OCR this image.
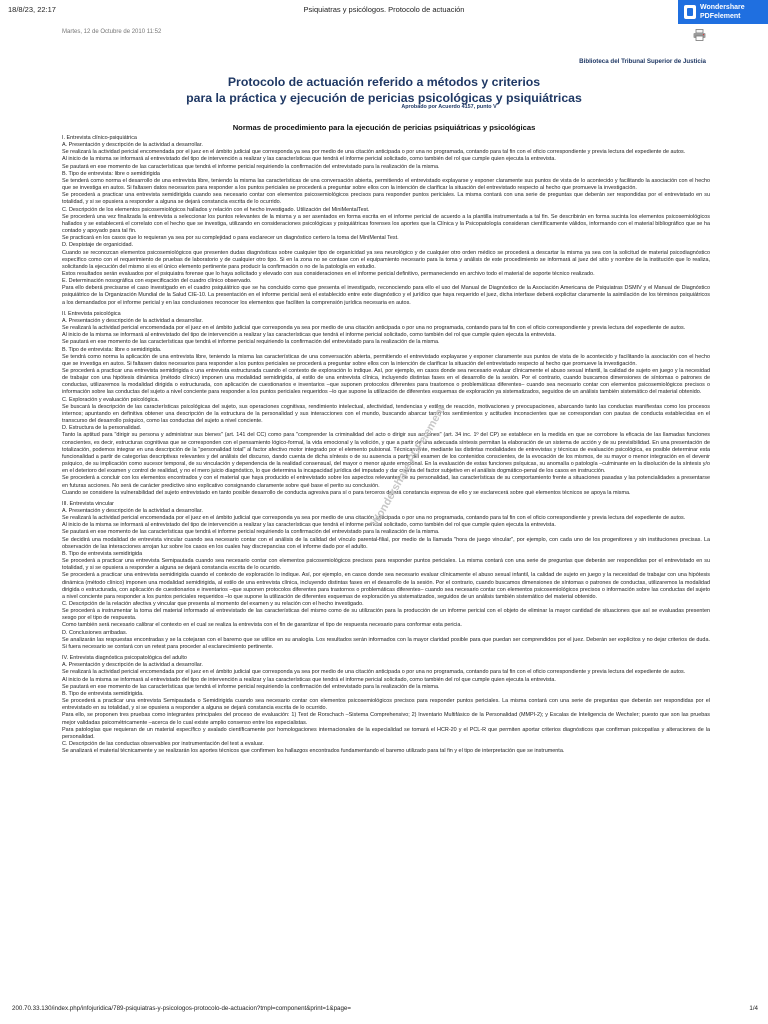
18/8/23, 22:17	Psiquiatras y psicólogos. Protocolo de actuación	Wondershare
PDFelement
Martes, 12 de Octubre de 2010 11:52
Biblioteca del Tribunal Superior de Justicia
Protocolo de actuación referido a métodos y criterios
para la práctica y ejecución de pericias psicológicas y psiquiátricas
Aprobado por Acuerdo 4157, punto V
Normas de procedimiento para la ejecución de pericias psiquiátricas y psicológicas

I. Entrevista clínico-psiquiátrica

A. Presentación y descripción de la actividad a desarrollar.

Se realizará la actividad pericial encomendada por el juez en el ámbito judicial que corresponda ya sea por medio de una citación anticipada o por una no programada, contando para tal fin con el oficio correspondiente y previa lectura del expediente de autos.

Al inicio de la misma se informará al entrevistado del tipo de intervención a realizar y las características que tendrá el informe pericial solicitado, como también del rol que cumple quien ejecuta la entrevista.

Se pautará en ese momento de las características que tendrá el informe pericial requiriendo la confirmación del entrevistado para la realización de la misma.

B. Tipo de entrevista: libre o semidirigida

Se tenderá como norma el desarrollo de una entrevista libre, teniendo la misma las características de una conversación abierta, permitiendo el entrevistado explayarse y exponer claramente sus puntos de vista de lo acontecido y facilitando la asociación con el hecho que se investiga en autos. Si faltasen datos necesarios para responder a los puntos periciales se procederá a preguntar sobre ellos con la intención de clarificar la situación del entrevistado respecto al hecho que promueve la investigación.

Se procederá a practicar una entrevista semidirigida cuando sea necesario contar con elementos psicosemiológicos precisos para responder puntos periciales. La misma contará con una serie de preguntas que deberán ser respondidas por el entrevistado en su totalidad, y si se opusiera a responder a alguna se dejará constancia escrita de lo ocurrido.

C. Descripción de los elementos psicosemiológicos hallados y relación con el hecho investigado. Utilización del MiniMentalTest.

Se procederá una vez finalizada la entrevista a seleccionar los puntos relevantes de la misma y a ser asentados en forma escrita en el informe pericial de acuerdo a la plantilla instrumentada a tal fin. Se describirán en forma sucinta los elementos psicosemiológicos hallados y se establecerá el correlato con el hecho que se investiga, utilizando en consideraciones psicológicas y psiquiátricas forenses los aportes que la Clínica y la Psicopatología consideran científicamente válidos, informando con el material bibliográfico que se ha contado y apoyado para tal fin.

Se practicará en los casos que lo requieran ya sea por su complejidad o para esclarecer un diagnóstico certero la toma del MiniMental Test.

D. Despistaje de organicidad.

Cuando se reconozcan elementos psicosemiológicos que presenten dudas diagnósticas sobre cualquier tipo de organicidad ya sea neurológico y de cualquier otro orden médico se procederá a descartar la misma ya sea con la solicitud de material psicodiagnóstico específico como con el requerimiento de pruebas de laboratorio y de cualquier otro tipo. Si en la zona no se contase con el equipamiento necesario para la toma y análisis de este procedimiento se informará al juez del sitio y nombre de la institución que lo realiza, solicitando la ejecución del mismo si es el único elemento pertinente para producir la confirmación o no de la patología en estudio.

Estos resultados serán evaluados por el psiquiatra forense que lo haya solicitado y elevado con sus consideraciones en el informe pericial definitivo, permaneciendo en archivo todo el material de soporte técnico realizado.

E. Determinación nosográfica con especificación del cuadro clínico observado.

Para ello deberá precisarse el caso investigado en el cuadro psiquiátrico que se ha concluido como que presenta el investigado, reconociendo para ello el uso del Manual de Diagnóstico de la Asociación Americana de Psiquiatras DSMIV y el Manual de Diagnóstico psiquiátrico de la Organización Mundial de la Salud CIE-10. La presentación en el informe pericial será el establecido entre este diagnóstico y el jurídico que haya requerido el juez, dicha interfase deberá explicitar claramente la asimilación de los términos psiquiátricos a los demandados por el informe pericial y en las conclusiones reconocer los elementos que faciliten la comprensión jurídica necesaria en autos.

II. Entrevista psicológica

A. Presentación y descripción de la actividad a desarrollar.

Se realizará la actividad pericial encomendada por el juez en el ámbito judicial que corresponda ya sea por medio de una citación anticipada o por una no programada, contando para tal fin con el oficio correspondiente y previa lectura del expediente de autos.

Al inicio de la misma se informará al entrevistado del tipo de intervención a realizar y las características que tendrá el informe pericial solicitado, como también del rol que cumple quien ejecuta la entrevista.

Se pautará en ese momento de las características que tendrá el informe pericial requiriendo la confirmación del entrevistado para la realización de la misma.

B. Tipo de entrevista: libre o semidirigida.

Se tendrá como norma la aplicación de una entrevista libre, teniendo la misma las características de una conversación abierta, permitiendo el entrevistado explayarse y exponer claramente sus puntos de vista de lo acontecido y facilitando la asociación con el hecho que se investiga en autos. Si faltasen datos necesarios para responder a los puntos periciales se procederá a preguntar sobre ellos con la intención de clarificar la situación del entrevistado respecto al hecho que promueve la investigación.

Se procederá a practicar una entrevista semidirigida o una entrevista estructurada cuando el contexto de exploración lo indique. Así, por ejemplo, en casos donde sea necesario evaluar clínicamente el abuso sexual infantil, la calidad de sujeto en juego y la necesidad de trabajar con una hipótesis dinámica (método clínico) imponen una modalidad semidirigida, al estilo de una entrevista clínica, incluyendo distintas fases en el desarrollo de la sesión. Por el contrario, cuando buscamos dimensiones de síntomas o patrones de conductas, utilizaremos la modalidad dirigida o estructurada, con aplicación de cuestionarios e inventarios –que suponen protocolos diferentes para trastornos o problemáticas diferentes– cuando sea necesario contar con elementos psicosemiológicos precisos o información sobre las conductas del sujeto a nivel conciente para responder a los puntos periciales requeridos –lo que supone la utilización de diferentes esquemas de exploración ya sistematizados, seguidos de un análisis también sistemático del material obtenido.

C. Exploración y evaluación psicológica.

Se buscará la descripción de las características psicológicas del sujeto, sus operaciones cognitivas, rendimiento intelectual, afectividad, tendencias y estilos de reacción, motivaciones y preocupaciones, abarcando tanto las conductas manifiestas como los procesos internos; apuntando en definitiva obtener una descripción de la estructura de la personalidad y sus interacciones con el mundo, buscando abarcar tanto los sentimientos y actitudes inconscientes que se correspondan con pautas de conducta establecidas en el transcurso del desarrollo psíquico, como las conductas del sujeto a nivel conciente.

D. Estructura de la personalidad.

Tanto la aptitud para "dirigir su persona y administrar sus bienes" (art. 141 del CC) como para "comprender la criminalidad del acto o dirigir sus acciones" (art. 34 inc. 1º del CP) se establece en la medida en que se corrobore la eficacia de las llamadas funciones conscientes, es decir, estructuras cognitivas que se corresponden con el pensamiento lógico-formal, la vida emocional y la volición, y que a partir de una adecuada síntesis permitan la elaboración de un sistema de acción y de su previsibilidad. En una presentación de totalización, podemos integrar en una descripción de la "personalidad total" al factor afectivo motor integrado por el elemento pulsional. Técnicamente, mediante las distintas modalidades de entrevistas y técnicas de evaluación psicológica, es posible determinar esta funcionalidad a partir de categorías descriptivas relevantes y del análisis del discurso, dando cuenta de dicha síntesis o de su ausencia a partir del examen de los contenidos conscientes, de la evocación de los mismos, de su mayor o menor integración en el devenir psíquico, de su implicación como sucesor temporal, de su vinculación y dependencia de la realidad consensual, del mayor o menor ajuste emocional. En la evaluación de estas funciones psíquicas, su anomalía o patología –culminante en la disolución de la síntesis y/o en el deterioro del examen y control de realidad, y no el mero juicio diagnóstico, lo que determina la incapacidad jurídica del imputado y dar cuenta del factor subjetivo en el análisis dogmático-penal de los casos en instrucción.

Se procederá a concluir con los elementos encontrados y con el material que haya producido el entrevistado sobre los aspectos relevantes de su personalidad, las características de su comportamiento frente a situaciones pasadas y las potencialidades a presentarse en futuras acciones. No será de carácter predictivo sino explicativo consignando claramente sobre qué base el perito su conclusión.

Cuando se considere la vulnerabilidad del sujeto entrevistado en tanto posible desarrollo de conducta agresiva para sí o para terceros dejará constancia expresa de ello y se esclarecerá sobre qué elementos técnicos se apoya la misma.

III. Entrevista vincular

A. Presentación y descripción de la actividad a desarrollar.

Se realizará la actividad pericial encomendada por el juez en el ámbito judicial que corresponda ya sea por medio de una citación anticipada o por una no programada, contando para tal fin con el oficio correspondiente y previa lectura del expediente de autos.

Al inicio de la misma se informará al entrevistado del tipo de intervención a realizar y las características que tendrá el informe pericial solicitado, como también del rol que cumple quien ejecuta la entrevista.

Se pautará en ese momento de las características que tendrá el informe pericial requiriendo la confirmación del entrevistado para la realización de la misma.

Se decidirá una modalidad de entrevista vincular cuando sea necesario contar con el análisis de la calidad del vínculo parental-filial, por medio de la llamada "hora de juego vincular", por ejemplo, con cada uno de los progenitores y sin instituciones precisas. La observación de las interacciones arrojan luz sobre los casos en los cuales hay discrepancias con el informe dado por el adulto.

B. Tipo de entrevista semidirigida

Se procederá a practicar una entrevista Semipautada cuando sea necesario contar con elementos psicosemiológicos precisos para responder puntos periciales. La misma contará con una serie de preguntas que deberán ser respondidas por el entrevistado en su totalidad, y si se opusiera a responder a alguna se dejará constancia escrita de lo ocurrido.

Se procederá a practicar una entrevista semidirigida cuando el contexto de exploración lo indique. Así, por ejemplo, en casos donde sea necesario evaluar clínicamente el abuso sexual infantil, la calidad de sujeto en juego y la necesidad de trabajar con una hipótesis dinámica (método clínico) imponen una modalidad semidirigida, al estilo de una entrevista clínica, incluyendo distintas fases en el desarrollo de la sesión. Por el contrario, cuando buscamos dimensiones de síntomas o patrones de conductas, utilizaremos la modalidad dirigida o estructurada, con aplicación de cuestionarios e inventarios –que suponen protocolos diferentes para trastornos o problemáticas diferentes– cuando sea necesario contar con elementos psicosemiológicos precisos o información sobre las conductas del sujeto a nivel conciente para responder a los puntos periciales requeridos –lo que supone la utilización de diferentes esquemas de exploración ya sistematizados, seguidos de un análisis también sistemático del material obtenido.

C. Descripción de la relación afectiva y vincular que presenta al momento del examen y su relación con el hecho investigado.

Se procederá a instrumentar la toma del material informado al entrevistado de las características del mismo como de su utilización para la producción de un informe pericial con el objeto de eliminar la mayor cantidad de situaciones que así se evaluadas presenten sesgo por el tipo de respuesta.

Como también será necesario calibrar el contexto en el cual se realiza la entrevista con el fin de garantizar el tipo de respuesta necesario para conformar esta pericia.

D. Conclusiones arribadas.

Se analizarán las respuestas encontradas y se la cotejaran con el baremo que se utilice en su analogía. Los resultados serán informados con la mayor claridad posible para que puedan ser comprendidos por el juez. Deberán ser explícitos y no dejar criterios de duda. Si fuera necesario se contará con un retest para proceder al esclarecimiento pertinente.

IV. Entrevista diagnóstica psicopatológica del adulto

A. Presentación y descripción de la actividad a desarrollar.

Se realizará la actividad pericial encomendada por el juez en el ámbito judicial que corresponda ya sea por medio de una citación anticipada o por una no programada, contando para tal fin con el oficio correspondiente y previa lectura del expediente de autos.

Al inicio de la misma se informará al entrevistado del tipo de intervención a realizar y las características que tendrá el informe pericial solicitado, como también del rol que cumple quien ejecuta la entrevista.

Se pautará en ese momento de las características que tendrá el informe pericial requiriendo la confirmación del entrevistado para la realización de la misma.

B. Tipo de entrevista semidirigida.

Se procederá a practicar una entrevista Semipautada o Semidirigida cuando sea necesario contar con elementos psicosemiológicos precisos para responder puntos periciales. La misma contará con una serie de preguntas que deberán ser respondidas por el entrevistado en su totalidad, y si se opusiera a responder a alguna se dejará constancia escrita de lo ocurrido.

Para ello, se proponen tres pruebas como integrantes principales del proceso de evaluación: 1) Test de Rorschach –Sistema Comprehensivo; 2) Inventario Multifásico de la Personalidad (MMPI-2); y Escalas de Inteligencia de Wechsler; puesto que son las pruebas mejor validadas psicométricamente –acerca de lo cual existe amplio consenso entre los especialistas.

Para patologías que requieran de un material específico y avalado científicamente por homologaciones internacionales de la especialidad se tomará el HCR-20 y el PCL-R que permiten aportar criterios diagnósticos que confirman psicopatías y alteraciones de la personalidad.

C. Descripción de las conductas observables por instrumentación del test a evaluar.

Se analizará el material técnicamente y se realizarán los aportes técnicos que confirmen los hallazgos encontrados fundamentando el baremo utilizado para tal fin y el tipo de interpretación que se instrumenta.

Wondershare PDFelement
200.70.33.130/index.php/infojuridica/789-psiquiatras-y-psicologos-protocolo-de-actuacion?tmpl=component&print=1&page=	1/4
